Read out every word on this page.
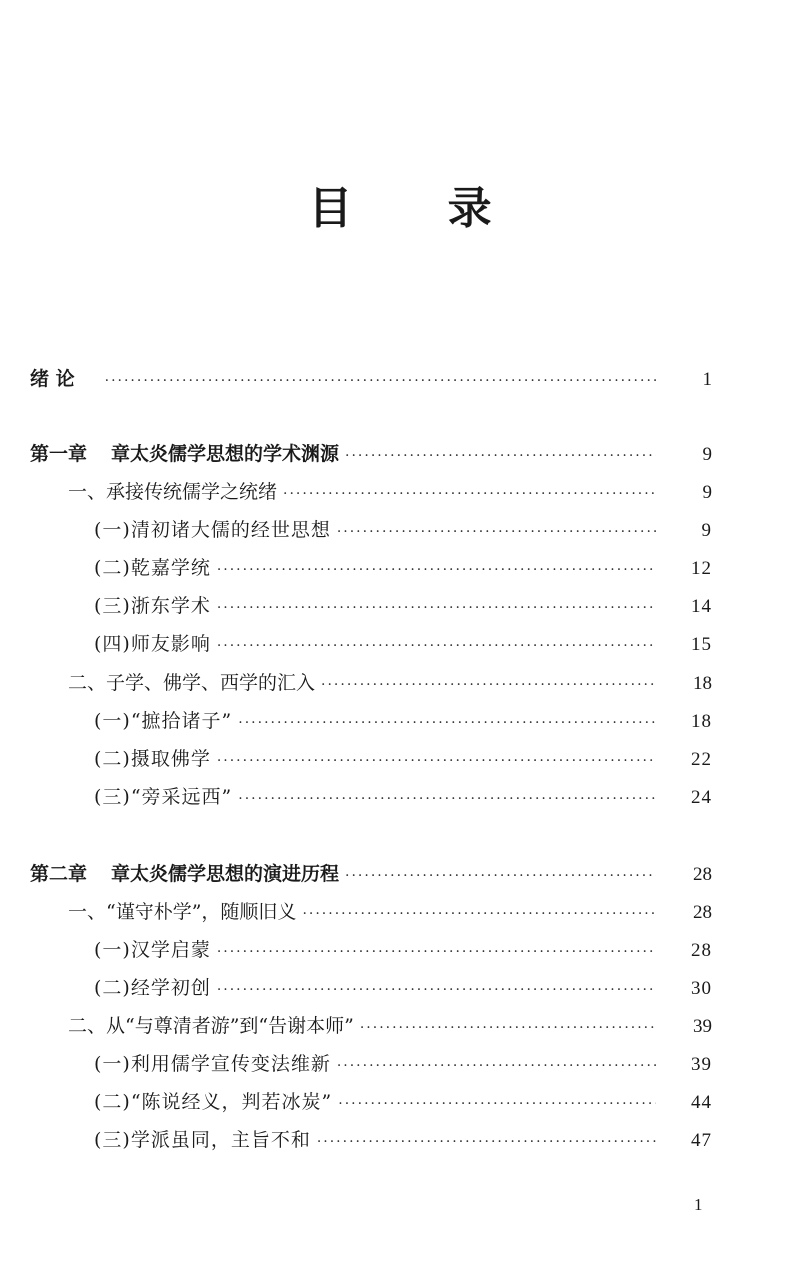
目 录
绪 论 ·····	1
第一章 章太炎儒学思想的学术渊源 ·····	9
一、承接传统儒学之统绪 ·····	9
(一)清初诸大儒的经世思想 ·····	9
(二)乾嘉学统 ·····	12
(三)浙东学术 ·····	14
(四)师友影响 ·····	15
二、子学、佛学、西学的汇入 ·····	18
(一)“摭拾诸子” ·····	18
(二)摄取佛学 ·····	22
(三)“旁采远西” ·····	24
第二章 章太炎儒学思想的演进历程 ·····	28
一、“谨守朴学”，随顺旧义 ·····	28
(一)汉学启蒙 ·····	28
(二)经学初创 ·····	30
二、从“与尊清者游”到“告谢本师” ·····	39
(一)利用儒学宣传变法维新 ·····	39
(二)“陈说经义，判若冰炭” ·····	44
(三)学派虽同，主旨不和 ·····	47
1
